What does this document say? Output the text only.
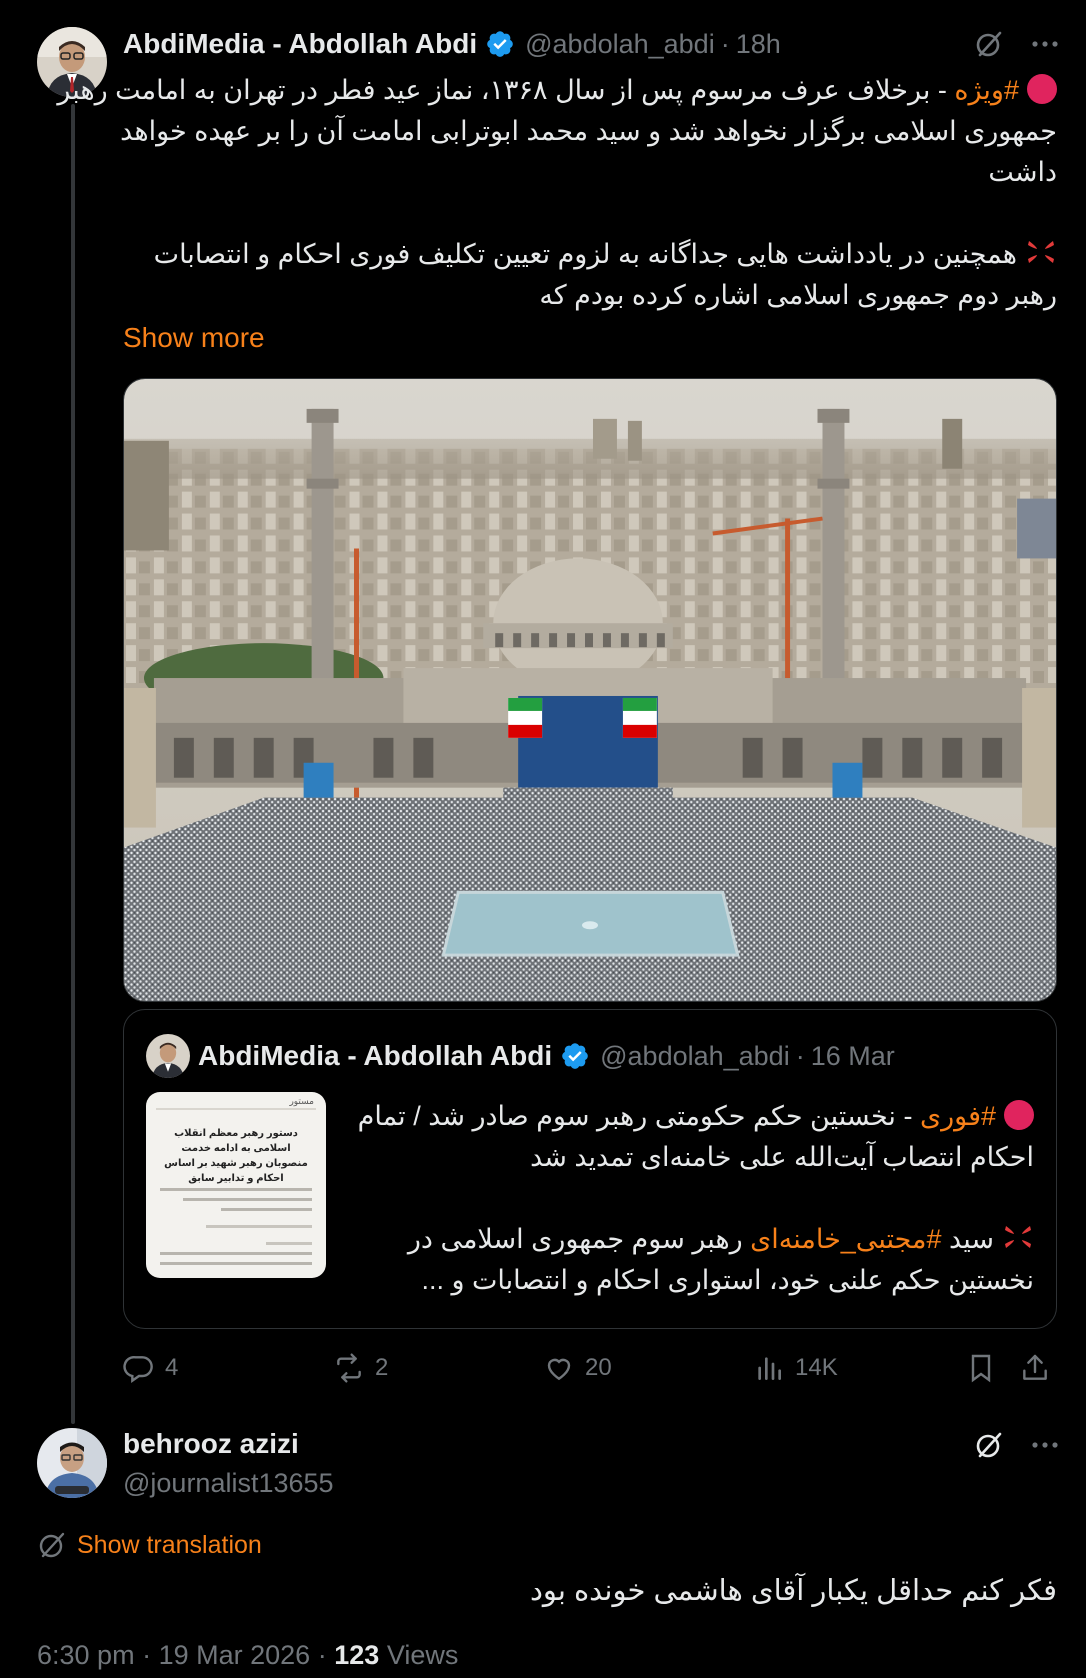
AbdiMedia - Abdollah Abdi @abdolah_abdi · 18h
#ویژه - برخلاف عرف مرسوم پس از سال ۱۳۶۸، نماز عید فطر در تهران به امامت رهبر
جمهوری اسلامی برگزار نخواهد شد و سید محمد ابوترابی امامت آن را بر عهده خواهد
داشت
همچنین در یادداشت هایی جداگانه به لزوم تعیین تکلیف فوری احکام و انتصابات
رهبر دوم جمهوری اسلامی اشاره کرده بودم که
Show more
AbdiMedia - Abdollah Abdi @abdolah_abdi · 16 Mar
مستور
دستور رهبر معظم انقلاب اسلامی به ادامه خدمت منصوبان رهبر شهید بر اساس احکام و تدابیر سابق
#فوری - نخستین حکم حکومتی رهبر سوم صادر شد / تمام
احکام انتصاب آیت‌الله علی خامنه‌ای تمدید شد
سید #مجتبی_خامنه‌ای رهبر سوم جمهوری اسلامی در
نخستین حکم علنی خود، استواری احکام و انتصابات و ...
4	2	20	14K
behrooz azizi
@journalist13655
Show translation
فکر کنم حداقل یکبار آقای هاشمی خونده بود
6:30 pm · 19 Mar 2026 · 123 Views
